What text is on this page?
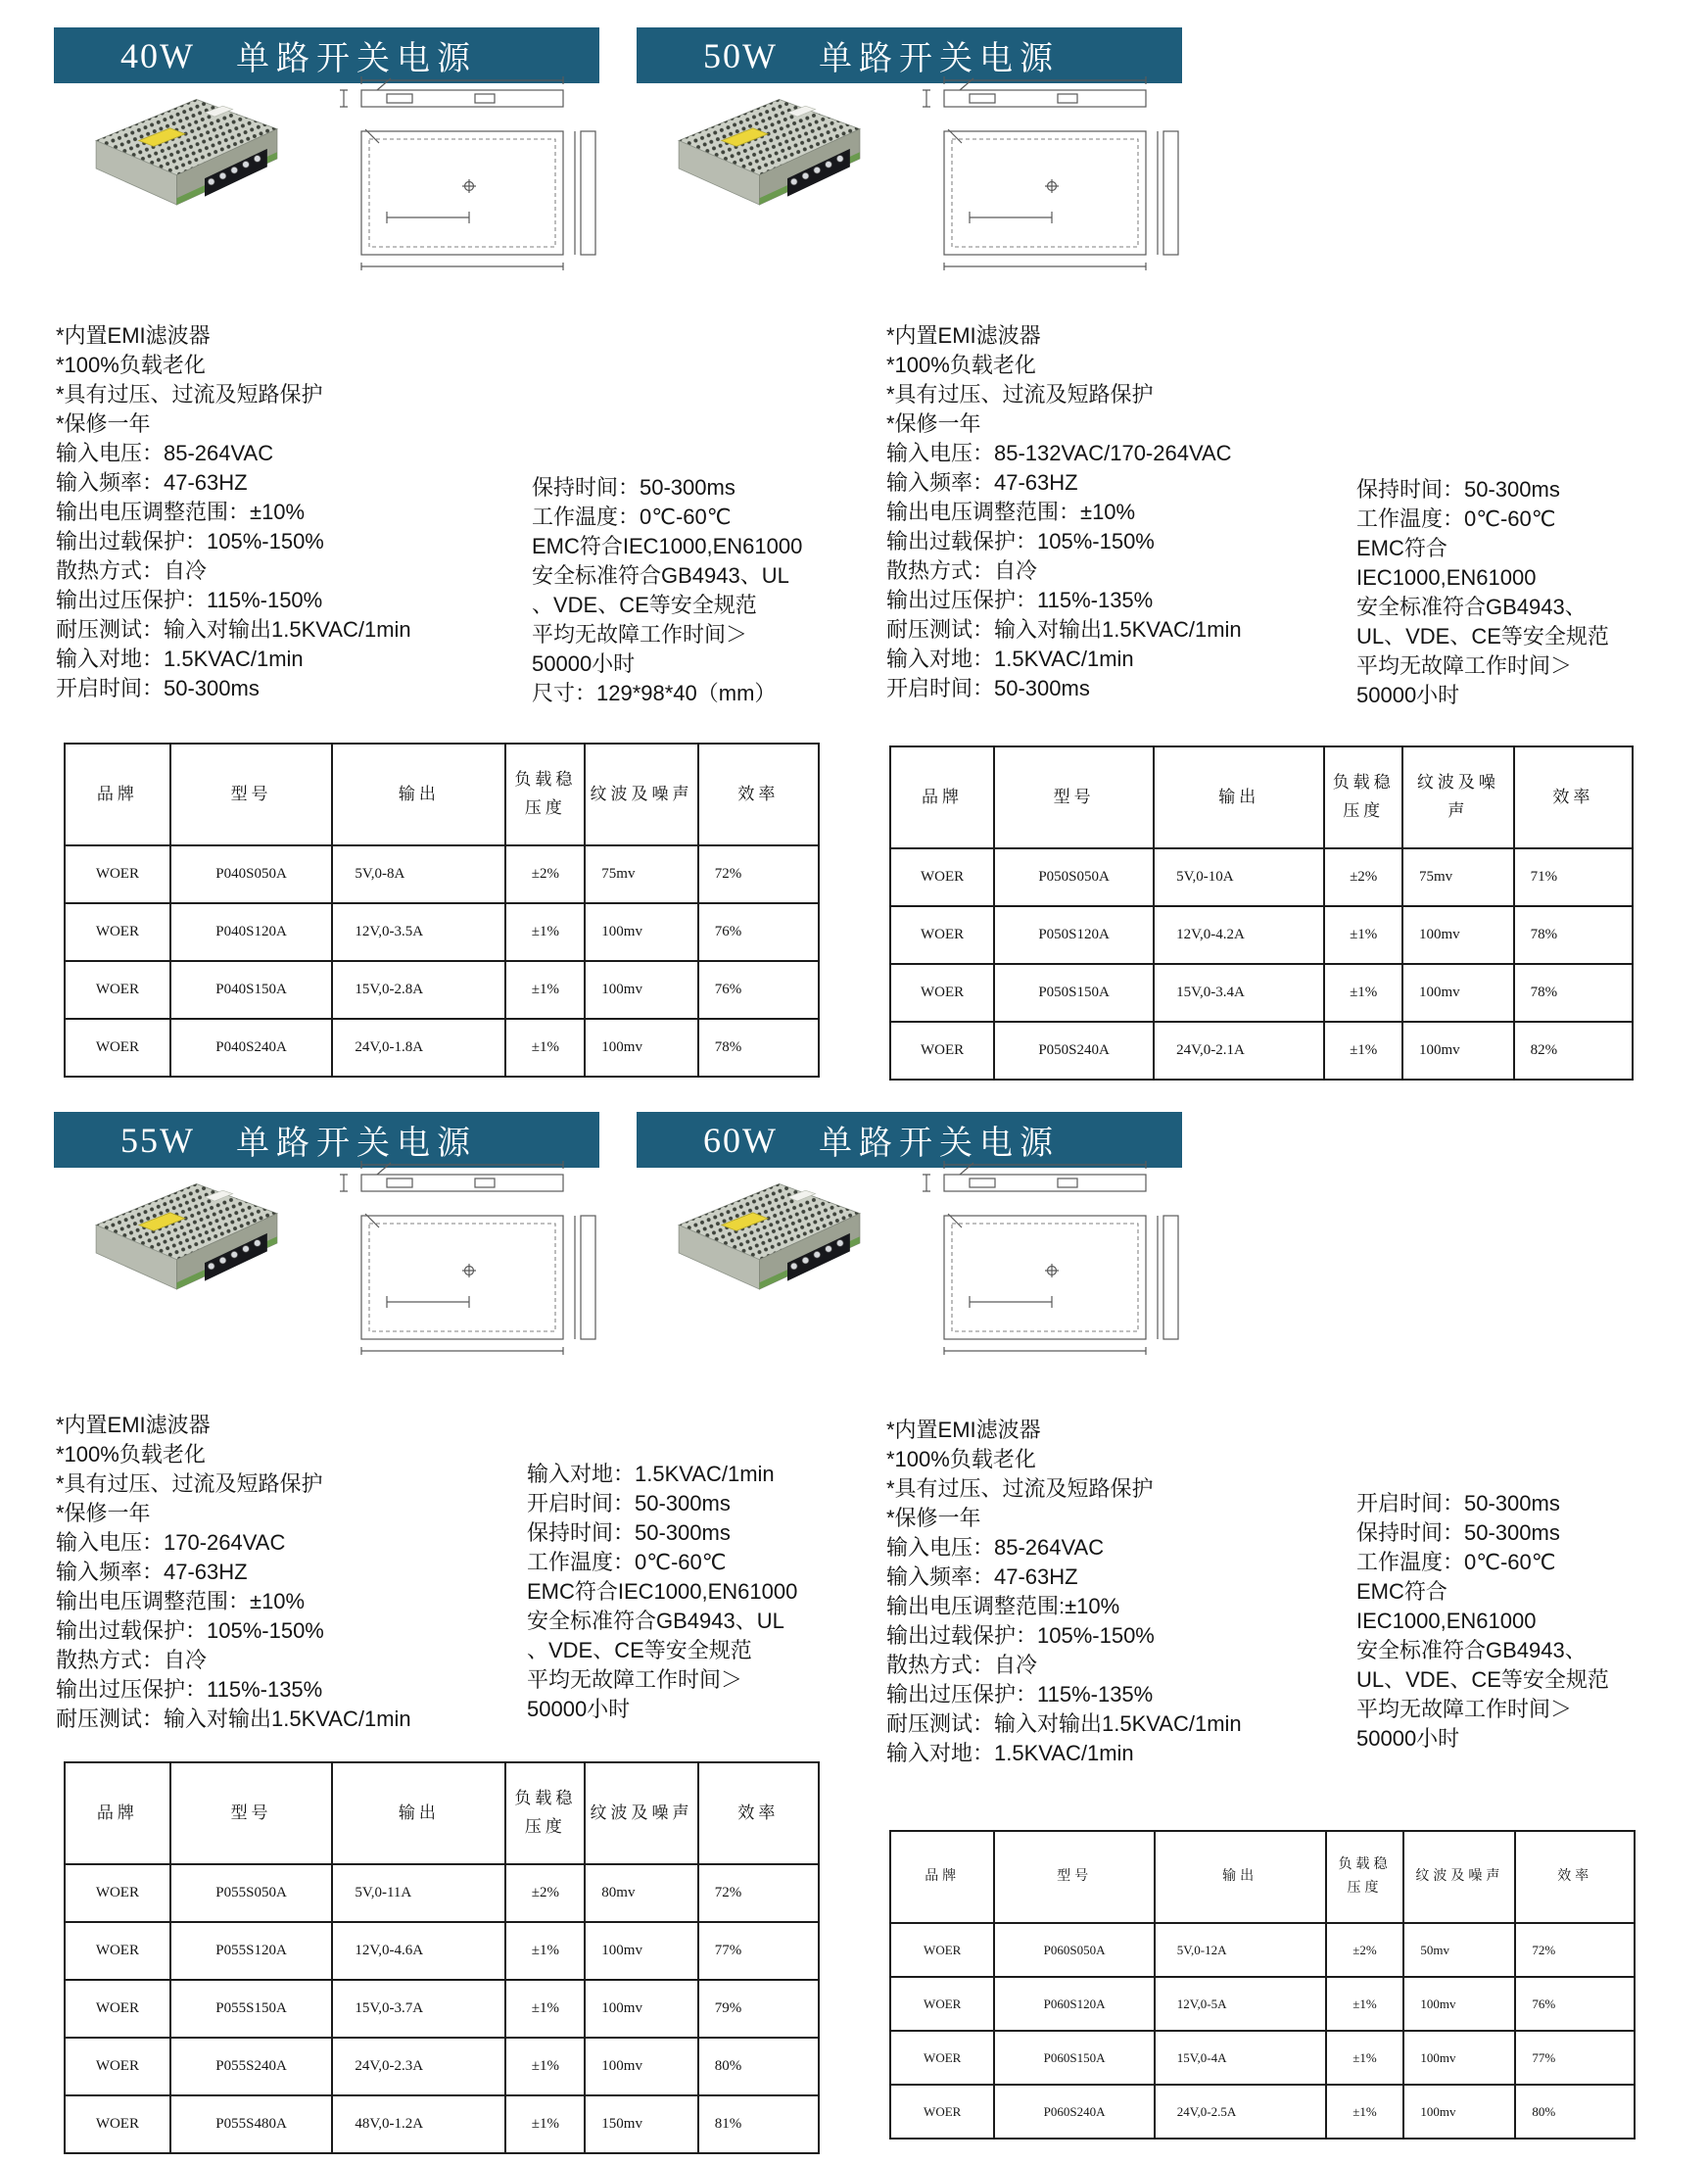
40W 单路开关电源
*内置EMI滤波器
*100%负载老化
*具有过压、过流及短路保护
*保修一年
输入电压：85-264VAC
输入频率：47-63HZ
输出电压调整范围：±10%
输出过载保护：105%-150%
散热方式：自冷
输出过压保护：115%-150%
耐压测试：输入对输出1.5KVAC/1min
输入对地：1.5KVAC/1min
开启时间：50-300ms
保持时间：50-300ms
工作温度：0℃-60℃
EMC符合IEC1000,EN61000
安全标准符合GB4943、UL
、VDE、CE等安全规范
平均无故障工作时间＞
50000小时
尺寸：129*98*40（mm）
品牌	型号	输出	负载稳压度	纹波及噪声	效率
WOER	P040S050A	5V,0-8A	±2%	75mv	72%
WOER	P040S120A	12V,0-3.5A	±1%	100mv	76%
WOER	P040S150A	15V,0-2.8A	±1%	100mv	76%
WOER	P040S240A	24V,0-1.8A	±1%	100mv	78%
50W 单路开关电源
*内置EMI滤波器
*100%负载老化
*具有过压、过流及短路保护
*保修一年
输入电压：85-132VAC/170-264VAC
输入频率：47-63HZ
输出电压调整范围：±10%
输出过载保护：105%-150%
散热方式：自冷
输出过压保护：115%-135%
耐压测试：输入对输出1.5KVAC/1min
输入对地：1.5KVAC/1min
开启时间：50-300ms
保持时间：50-300ms
工作温度：0℃-60℃
EMC符合
IEC1000,EN61000
安全标准符合GB4943、
UL、VDE、CE等安全规范
平均无故障工作时间＞
50000小时
品牌	型号	输出	负载稳压度	纹波及噪声	效率
WOER	P050S050A	5V,0-10A	±2%	75mv	71%
WOER	P050S120A	12V,0-4.2A	±1%	100mv	78%
WOER	P050S150A	15V,0-3.4A	±1%	100mv	78%
WOER	P050S240A	24V,0-2.1A	±1%	100mv	82%
55W 单路开关电源
*内置EMI滤波器
*100%负载老化
*具有过压、过流及短路保护
*保修一年
输入电压：170-264VAC
输入频率：47-63HZ
输出电压调整范围：±10%
输出过载保护：105%-150%
散热方式：自冷
输出过压保护：115%-135%
耐压测试：输入对输出1.5KVAC/1min
输入对地：1.5KVAC/1min
开启时间：50-300ms
保持时间：50-300ms
工作温度：0℃-60℃
EMC符合IEC1000,EN61000
安全标准符合GB4943、UL
、VDE、CE等安全规范
平均无故障工作时间＞
50000小时
品牌	型号	输出	负载稳压度	纹波及噪声	效率
WOER	P055S050A	5V,0-11A	±2%	80mv	72%
WOER	P055S120A	12V,0-4.6A	±1%	100mv	77%
WOER	P055S150A	15V,0-3.7A	±1%	100mv	79%
WOER	P055S240A	24V,0-2.3A	±1%	100mv	80%
WOER	P055S480A	48V,0-1.2A	±1%	150mv	81%
60W 单路开关电源
*内置EMI滤波器
*100%负载老化
*具有过压、过流及短路保护
*保修一年
输入电压：85-264VAC
输入频率：47-63HZ
输出电压调整范围:±10%
输出过载保护：105%-150%
散热方式：自冷
输出过压保护：115%-135%
耐压测试：输入对输出1.5KVAC/1min
输入对地：1.5KVAC/1min
开启时间：50-300ms
保持时间：50-300ms
工作温度：0℃-60℃
EMC符合
IEC1000,EN61000
安全标准符合GB4943、
UL、VDE、CE等安全规范
平均无故障工作时间＞
50000小时
品牌	型号	输出	负载稳压度	纹波及噪声	效率
WOER	P060S050A	5V,0-12A	±2%	50mv	72%
WOER	P060S120A	12V,0-5A	±1%	100mv	76%
WOER	P060S150A	15V,0-4A	±1%	100mv	77%
WOER	P060S240A	24V,0-2.5A	±1%	100mv	80%
